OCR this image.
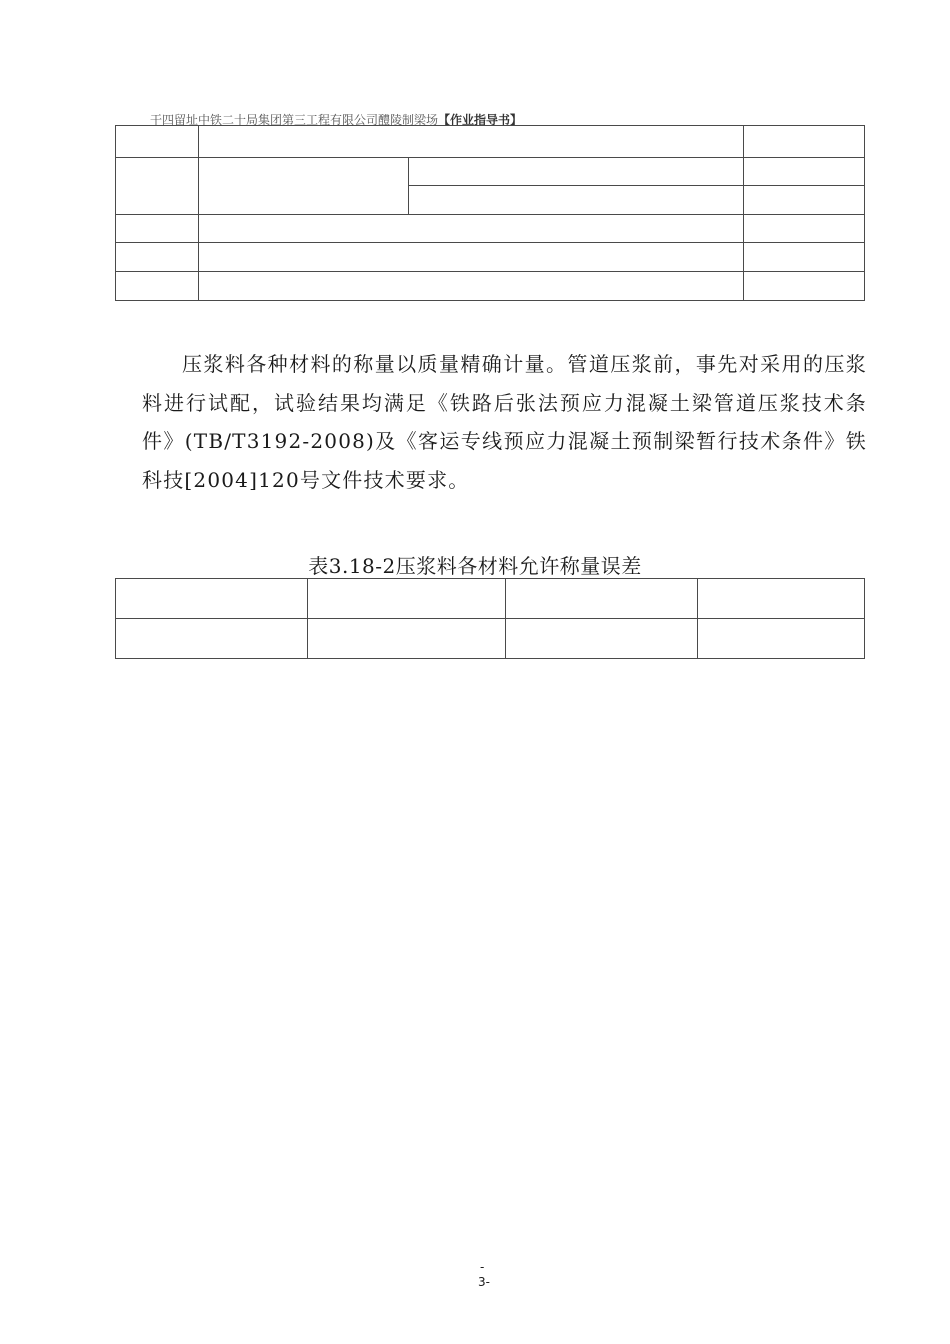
干四留址中铁二十局集团第三工程有限公司醴陵制梁场【作业指导书】

压浆料各种材料的称量以质量精确计量。管道压浆前，事先对采用的压浆料进行试配，试验结果均满足《铁路后张法预应力混凝土梁管道压浆技术条件》(TB/T3192-2008)及《客运专线预应力混凝土预制梁暂行技术条件》铁科技[2004]120号文件技术要求。

表3.18-2压浆料各材料允许称量误差

-
3-
